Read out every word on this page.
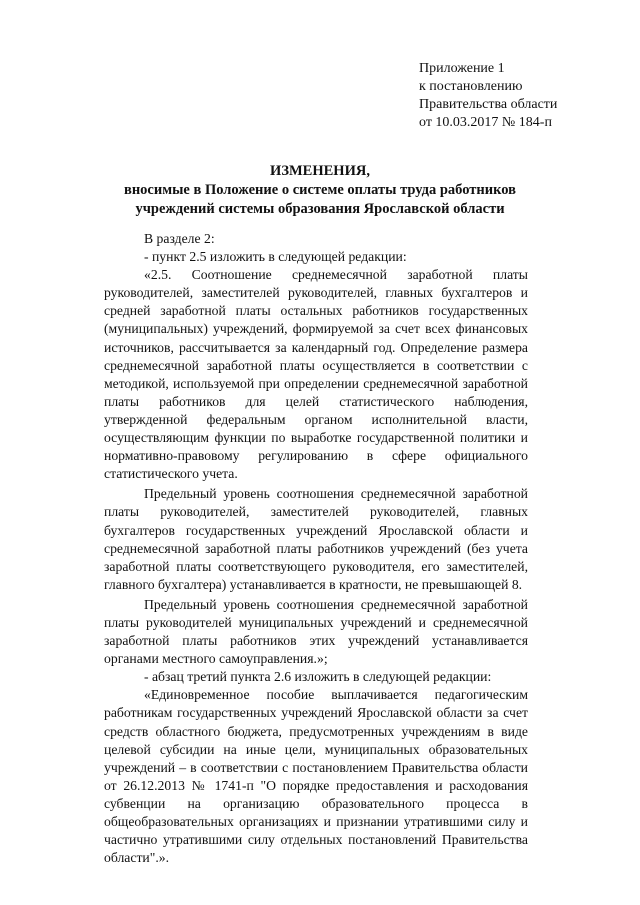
Приложение 1
к постановлению
Правительства области
от 10.03.2017 № 184-п
ИЗМЕНЕНИЯ,
вносимые в Положение о системе оплаты труда работников
учреждений системы образования Ярославской области

В разделе 2:

- пункт 2.5 изложить в следующей редакции:

«2.5. Соотношение среднемесячной заработной платы руководителей, заместителей руководителей, главных бухгалтеров и средней заработной платы остальных работников государственных (муниципальных) учреждений, формируемой за счет всех финансовых источников, рассчитывается за календарный год. Определение размера среднемесячной заработной платы осуществляется в соответствии с методикой, используемой при определении среднемесячной заработной платы работников для целей статистического наблюдения, утвержденной федеральным органом исполнительной власти, осуществляющим функции по выработке государственной политики и нормативно-правовому регулированию в сфере официального статистического учета.

Предельный уровень соотношения среднемесячной заработной платы руководителей, заместителей руководителей, главных бухгалтеров государственных учреждений Ярославской области и среднемесячной заработной платы работников учреждений (без учета заработной платы соответствующего руководителя, его заместителей, главного бухгалтера) устанавливается в кратности, не превышающей 8.

Предельный уровень соотношения среднемесячной заработной платы руководителей муниципальных учреждений и среднемесячной заработной платы работников этих учреждений устанавливается органами местного самоуправления.»;

- абзац третий пункта 2.6 изложить в следующей редакции:

«Единовременное пособие выплачивается педагогическим работникам государственных учреждений Ярославской области за счет средств областного бюджета, предусмотренных учреждениям в виде целевой субсидии на иные цели, муниципальных образовательных учреждений – в соответствии с постановлением Правительства области от 26.12.2013 № 1741-п "О порядке предоставления и расходования субвенции на организацию образовательного процесса в общеобразовательных организациях и признании утратившими силу и частично утратившими силу отдельных постановлений Правительства области".».
